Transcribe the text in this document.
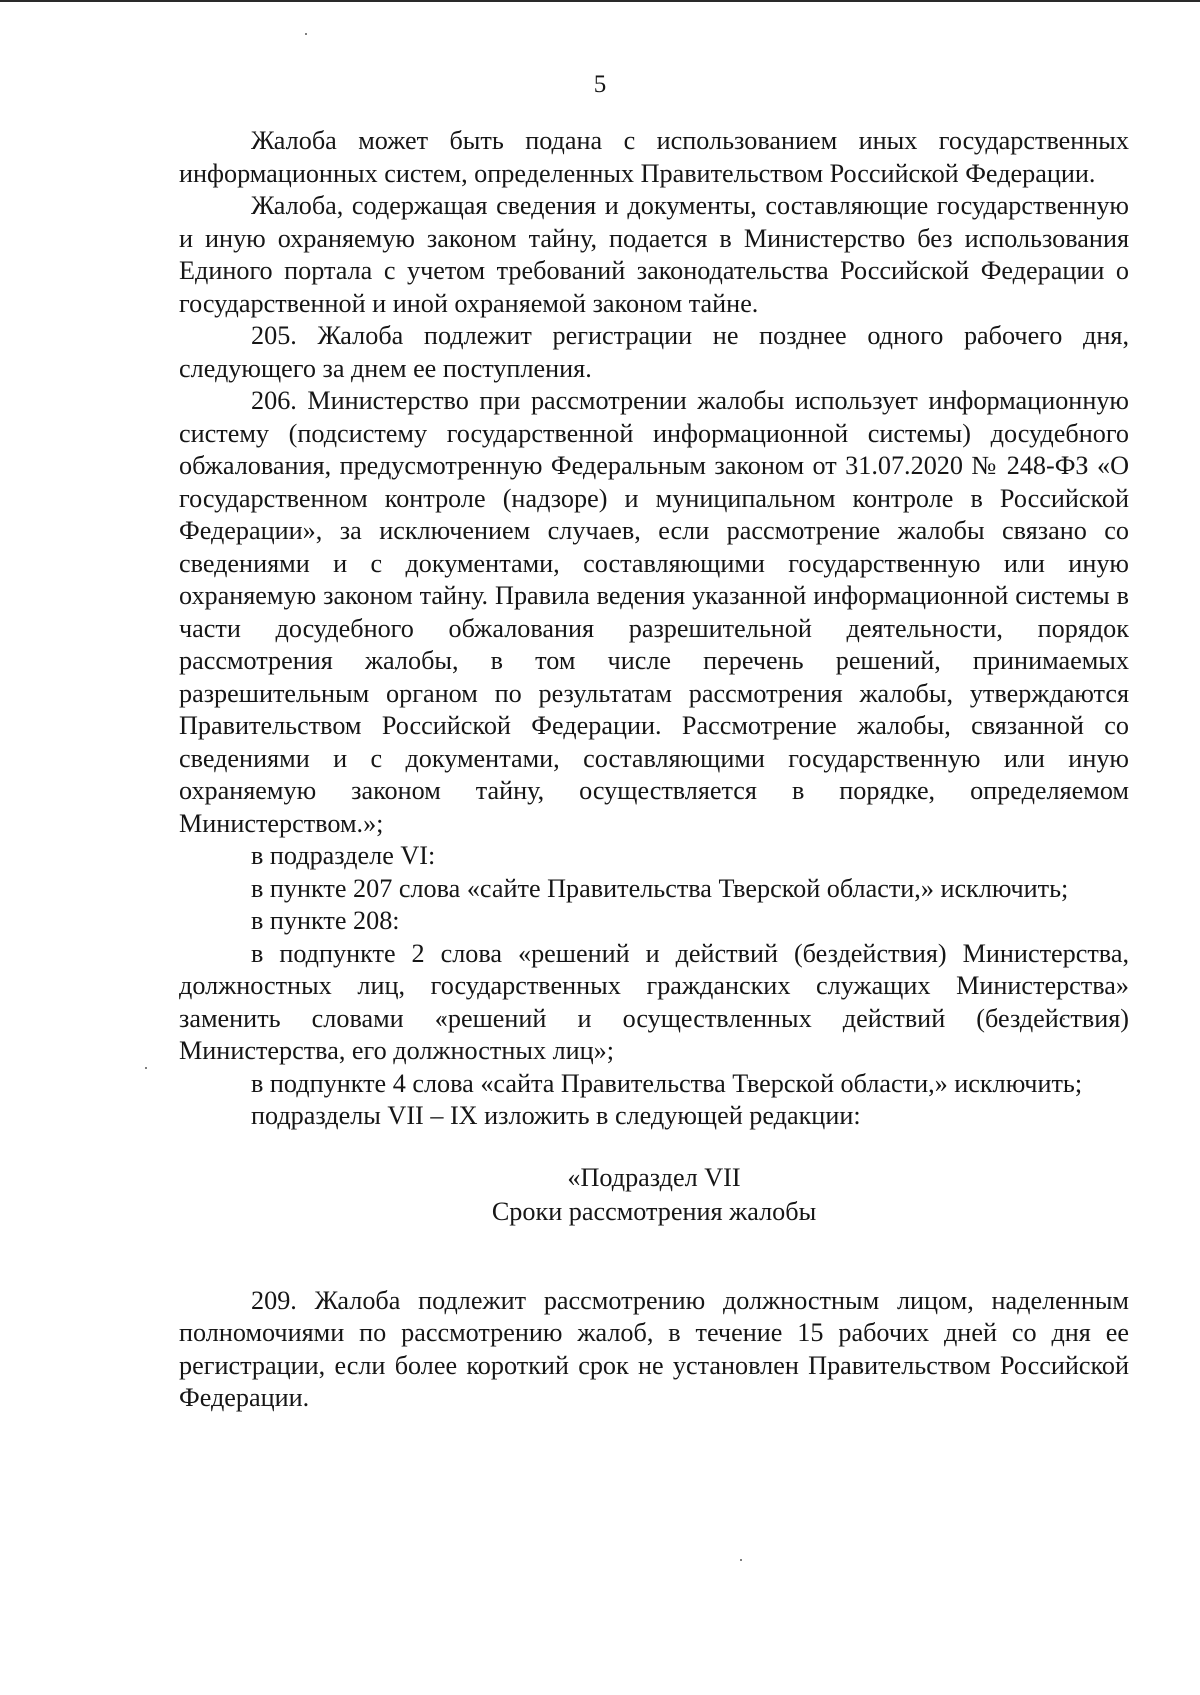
5

Жалоба может быть подана с использованием иных государственных информационных систем, определенных Правительством Российской Федерации.

Жалоба, содержащая сведения и документы, составляющие государственную и иную охраняемую законом тайну, подается в Министерство без использования Единого портала с учетом требований законодательства Российской Федерации о государственной и иной охраняемой законом тайне.

205. Жалоба подлежит регистрации не позднее одного рабочего дня, следующего за днем ее поступления.

206. Министерство при рассмотрении жалобы использует информационную систему (подсистему государственной информационной системы) досудебного обжалования, предусмотренную Федеральным законом от 31.07.2020 № 248-ФЗ «О государственном контроле (надзоре) и муниципальном контроле в Российской Федерации», за исключением случаев, если рассмотрение жалобы связано со сведениями и с документами, составляющими государственную или иную охраняемую законом тайну. Правила ведения указанной информационной системы в части досудебного обжалования разрешительной деятельности, порядок рассмотрения жалобы, в том числе перечень решений, принимаемых разрешительным органом по результатам рассмотрения жалобы, утверждаются Правительством Российской Федерации. Рассмотрение жалобы, связанной со сведениями и с документами, составляющими государственную или иную охраняемую законом тайну, осуществляется в порядке, определяемом Министерством.»;

в подразделе VI:

в пункте 207 слова «сайте Правительства Тверской области,» исключить;

в пункте 208:

в подпункте 2 слова «решений и действий (бездействия) Министерства, должностных лиц, государственных гражданских служащих Министерства» заменить словами «решений и осуществленных действий (бездействия) Министерства, его должностных лиц»;

в подпункте 4 слова «сайта Правительства Тверской области,» исключить;

подразделы VII – IX изложить в следующей редакции:

«Подраздел VII
Сроки рассмотрения жалобы

209. Жалоба подлежит рассмотрению должностным лицом, наделенным полномочиями по рассмотрению жалоб, в течение 15 рабочих дней со дня ее регистрации, если более короткий срок не установлен Правительством Российской Федерации.
